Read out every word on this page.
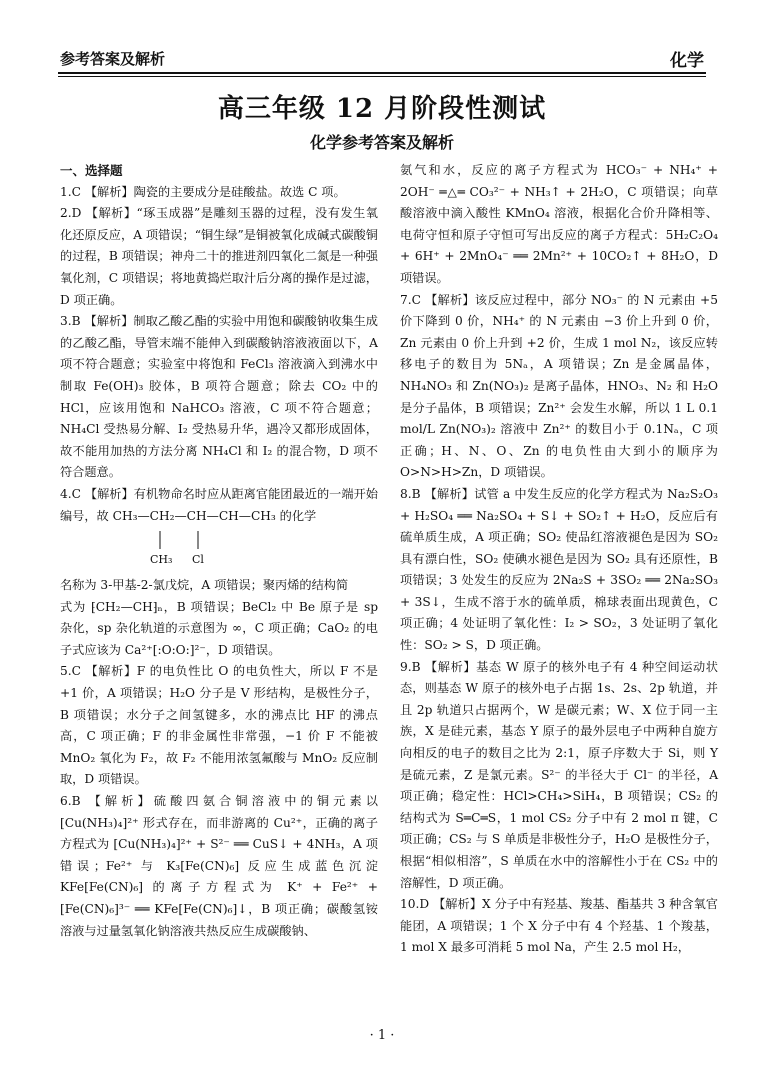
参考答案及解析	化学
高三年级 12 月阶段性测试
化学参考答案及解析

一、选择题

1.C 【解析】陶瓷的主要成分是硅酸盐。故选 C 项。

2.D 【解析】“琢玉成器”是雕刻玉器的过程，没有发生氧化还原反应，A 项错误；“铜生绿”是铜被氧化成碱式碳酸铜的过程，B 项错误；神舟二十的推进剂四氧化二氮是一种强氧化剂，C 项错误；将地黄捣烂取汁后分离的操作是过滤，D 项正确。

3.B 【解析】制取乙酸乙酯的实验中用饱和碳酸钠收集生成的乙酸乙酯，导管末端不能伸入到碳酸钠溶液液面以下，A 项不符合题意；实验室中将饱和 FeCl₃ 溶液滴入到沸水中制取 Fe(OH)₃ 胶体，B 项符合题意；除去 CO₂ 中的 HCl，应该用饱和 NaHCO₃ 溶液，C 项不符合题意；NH₄Cl 受热易分解、I₂ 受热易升华，遇冷又都形成固体，故不能用加热的方法分离 NH₄Cl 和 I₂ 的混合物，D 项不符合题意。

4.C 【解析】有机物命名时应从距离官能团最近的一端开始编号，故 CH₃—CH₂—CH—CH—CH₃ 的化学

CH₃ Cl

名称为 3-甲基-2-氯戊烷，A 项错误；聚丙烯的结构简

式为 ⁅CH₂—CH⁆ₙ，B 项错误；BeCl₂ 中 Be 原子是 sp 杂化，sp 杂化轨道的示意图为 ∞，C 项正确；CaO₂ 的电子式应该为 Ca²⁺[:O:O:]²⁻，D 项错误。

5.C 【解析】F 的电负性比 O 的电负性大，所以 F 不是 +1 价，A 项错误；H₂O 分子是 V 形结构，是极性分子，B 项错误；水分子之间氢键多，水的沸点比 HF 的沸点高，C 项正确；F 的非金属性非常强，−1 价 F 不能被 MnO₂ 氧化为 F₂，故 F₂ 不能用浓氢氟酸与 MnO₂ 反应制取，D 项错误。

6.B 【解析】硫酸四氨合铜溶液中的铜元素以 [Cu(NH₃)₄]²⁺ 形式存在，而非游离的 Cu²⁺，正确的离子方程式为 [Cu(NH₃)₄]²⁺ + S²⁻ ══ CuS↓ + 4NH₃，A 项错误；Fe²⁺ 与 K₃[Fe(CN)₆] 反应生成蓝色沉淀 KFe[Fe(CN)₆] 的离子方程式为 K⁺ + Fe²⁺ + [Fe(CN)₆]³⁻ ══ KFe[Fe(CN)₆]↓，B 项正确；碳酸氢铵溶液与过量氢氧化钠溶液共热反应生成碳酸钠、

氨气和水，反应的离子方程式为 HCO₃⁻ + NH₄⁺ + 2OH⁻ ═△═ CO₃²⁻ + NH₃↑ + 2H₂O，C 项错误；向草酸溶液中滴入酸性 KMnO₄ 溶液，根据化合价升降相等、电荷守恒和原子守恒可写出反应的离子方程式：5H₂C₂O₄ + 6H⁺ + 2MnO₄⁻ ══ 2Mn²⁺ + 10CO₂↑ + 8H₂O，D 项错误。

7.C 【解析】该反应过程中，部分 NO₃⁻ 的 N 元素由 +5 价下降到 0 价，NH₄⁺ 的 N 元素由 −3 价上升到 0 价，Zn 元素由 0 价上升到 +2 价，生成 1 mol N₂，该反应转移电子的数目为 5Nₐ，A 项错误；Zn 是金属晶体，NH₄NO₃ 和 Zn(NO₃)₂ 是离子晶体，HNO₃、N₂ 和 H₂O 是分子晶体，B 项错误；Zn²⁺ 会发生水解，所以 1 L 0.1 mol/L Zn(NO₃)₂ 溶液中 Zn²⁺ 的数目小于 0.1Nₐ，C 项正确；H、N、O、Zn 的电负性由大到小的顺序为 O>N>H>Zn，D 项错误。

8.B 【解析】试管 a 中发生反应的化学方程式为 Na₂S₂O₃ + H₂SO₄ ══ Na₂SO₄ + S↓ + SO₂↑ + H₂O，反应后有硫单质生成，A 项正确；SO₂ 使品红溶液褪色是因为 SO₂ 具有漂白性，SO₂ 使碘水褪色是因为 SO₂ 具有还原性，B 项错误；3 处发生的反应为 2Na₂S + 3SO₂ ══ 2Na₂SO₃ + 3S↓，生成不溶于水的硫单质，棉球表面出现黄色，C 项正确；4 处证明了氧化性：I₂ > SO₂，3 处证明了氧化性：SO₂ > S，D 项正确。

9.B 【解析】基态 W 原子的核外电子有 4 种空间运动状态，则基态 W 原子的核外电子占据 1s、2s、2p 轨道，并且 2p 轨道只占据两个，W 是碳元素；W、X 位于同一主族，X 是硅元素，基态 Y 原子的最外层电子中两种自旋方向相反的电子的数目之比为 2:1，原子序数大于 Si，则 Y 是硫元素，Z 是氯元素。S²⁻ 的半径大于 Cl⁻ 的半径，A 项正确；稳定性：HCl>CH₄>SiH₄，B 项错误；CS₂ 的结构式为 S═C═S，1 mol CS₂ 分子中有 2 mol π 键，C 项正确；CS₂ 与 S 单质是非极性分子，H₂O 是极性分子，根据“相似相溶”，S 单质在水中的溶解性小于在 CS₂ 中的溶解性，D 项正确。

10.D 【解析】X 分子中有羟基、羧基、酯基共 3 种含氧官能团，A 项错误；1 个 X 分子中有 4 个羟基、1 个羧基，1 mol X 最多可消耗 5 mol Na，产生 2.5 mol H₂，

· 1 ·
